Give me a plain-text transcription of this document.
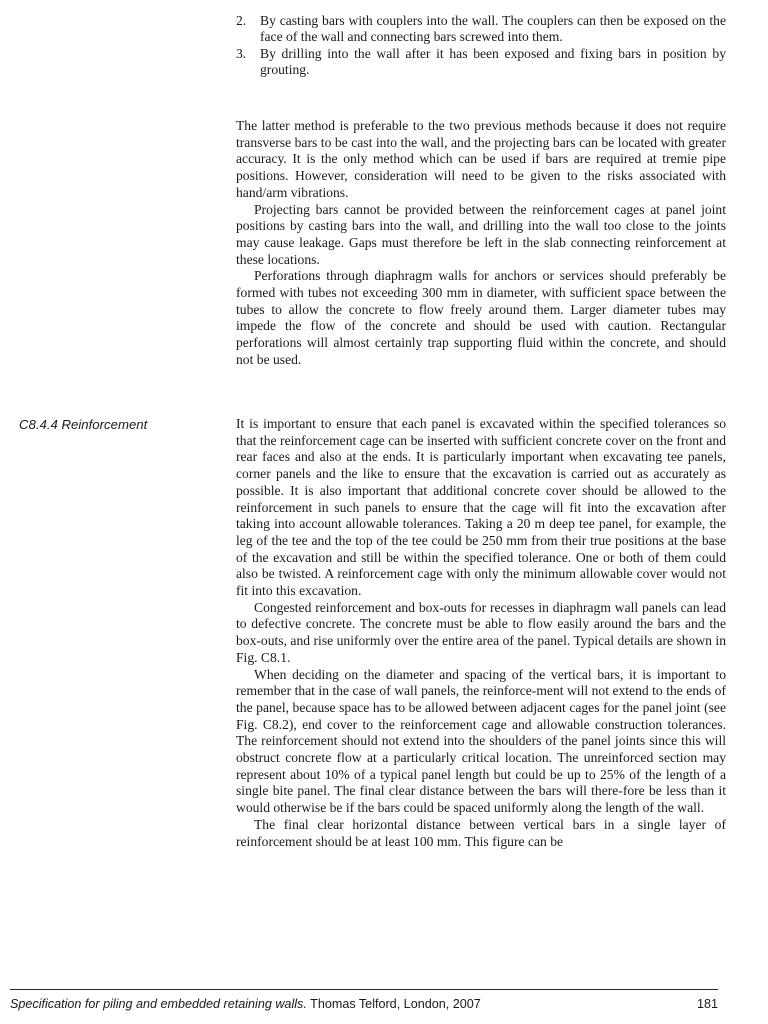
2. By casting bars with couplers into the wall. The couplers can then be exposed on the face of the wall and connecting bars screwed into them.
3. By drilling into the wall after it has been exposed and fixing bars in position by grouting.

The latter method is preferable to the two previous methods because it does not require transverse bars to be cast into the wall, and the projecting bars can be located with greater accuracy. It is the only method which can be used if bars are required at tremie pipe positions. However, consideration will need to be given to the risks associated with hand/arm vibrations.

Projecting bars cannot be provided between the reinforcement cages at panel joint positions by casting bars into the wall, and drilling into the wall too close to the joints may cause leakage. Gaps must therefore be left in the slab connecting reinforcement at these locations.

Perforations through diaphragm walls for anchors or services should preferably be formed with tubes not exceeding 300 mm in diameter, with sufficient space between the tubes to allow the concrete to flow freely around them. Larger diameter tubes may impede the flow of the concrete and should be used with caution. Rectangular perforations will almost certainly trap supporting fluid within the concrete, and should not be used.

C8.4.4 Reinforcement	It is important to ensure that each panel is excavated within the specified tolerances so that the reinforcement cage can be inserted with sufficient concrete cover on the front and rear faces and also at the ends. It is particularly important when excavating tee panels, corner panels and the like to ensure that the excavation is carried out as accurately as possible. It is also important that additional concrete cover should be allowed to the reinforcement in such panels to ensure that the cage will fit into the excavation after taking into account allowable tolerances. Taking a 20 m deep tee panel, for example, the leg of the tee and the top of the tee could be 250 mm from their true positions at the base of the excavation and still be within the specified tolerance. One or both of them could also be twisted. A reinforcement cage with only the minimum allowable cover would not fit into this excavation.

Congested reinforcement and box-outs for recesses in diaphragm wall panels can lead to defective concrete. The concrete must be able to flow easily around the bars and the box-outs, and rise uniformly over the entire area of the panel. Typical details are shown in Fig. C8.1.

When deciding on the diameter and spacing of the vertical bars, it is important to remember that in the case of wall panels, the reinforce-ment will not extend to the ends of the panel, because space has to be allowed between adjacent cages for the panel joint (see Fig. C8.2), end cover to the reinforcement cage and allowable construction tolerances. The reinforcement should not extend into the shoulders of the panel joints since this will obstruct concrete flow at a particularly critical location. The unreinforced section may represent about 10% of a typical panel length but could be up to 25% of the length of a single bite panel. The final clear distance between the bars will there-fore be less than it would otherwise be if the bars could be spaced uniformly along the length of the wall.

The final clear horizontal distance between vertical bars in a single layer of reinforcement should be at least 100 mm. This figure can be

Specification for piling and embedded retaining walls. Thomas Telford, London, 2007	181
